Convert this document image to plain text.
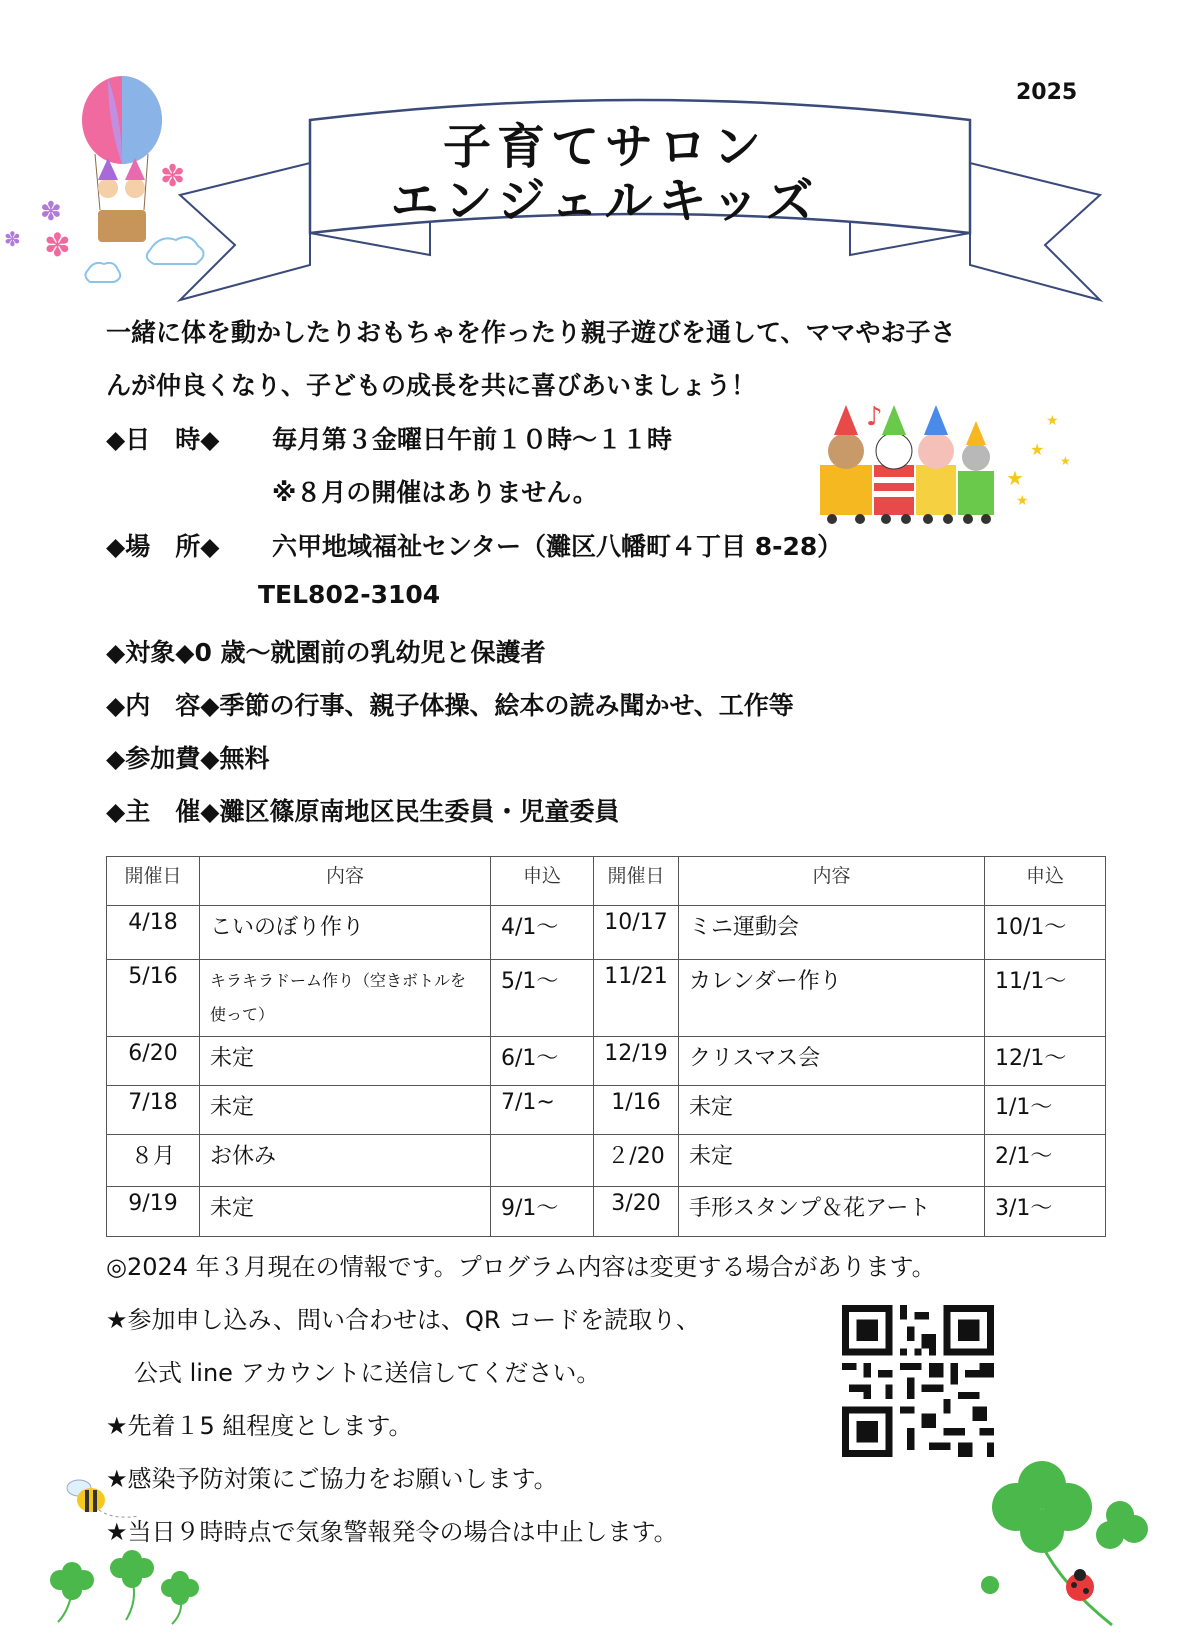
2025
✽
✽
✽
✽
子育てサロン
エンジェルキッズ
一緒に体を動かしたりおもちゃを作ったり親子遊びを通して、ママやお子さ
んが仲良くなり、子どもの成長を共に喜びあいましょう！
◆日　時◆ 毎月第３金曜日午前１０時～１１時
※８月の開催はありません。
◆場　所◆ 六甲地域福祉センター（灘区八幡町４丁目 8-28）
TEL802-3104
◆対象◆0 歳～就園前の乳幼児と保護者
◆内　容◆季節の行事、親子体操、絵本の読み聞かせ、工作等
◆参加費◆無料
◆主　催◆灘区篠原南地区民生委員・児童委員
♪
★
★
★
★
★
開催日	内容	申込	開催日	内容	申込
4/18	こいのぼり作り	4/1～	10/17	ミニ運動会	10/1～
5/16	キラキラドーム作り（空きボトルを使って）	5/1～	11/21	カレンダー作り	11/1～
6/20	未定	6/1～	12/19	クリスマス会	12/1～
7/18	未定	7/1~	1/16	未定	1/1～
８月	お休み		２/20	未定	2/1～
9/19	未定	9/1～	3/20	手形スタンプ＆花アート	3/1～
◎2024 年３月現在の情報です。プログラム内容は変更する場合があります。
★参加申し込み、問い合わせは、QR コードを読取り、
公式 line アカウントに送信してください。
★先着１5 組程度とします。
★感染予防対策にご協力をお願いします。
★当日９時時点で気象警報発令の場合は中止します。
